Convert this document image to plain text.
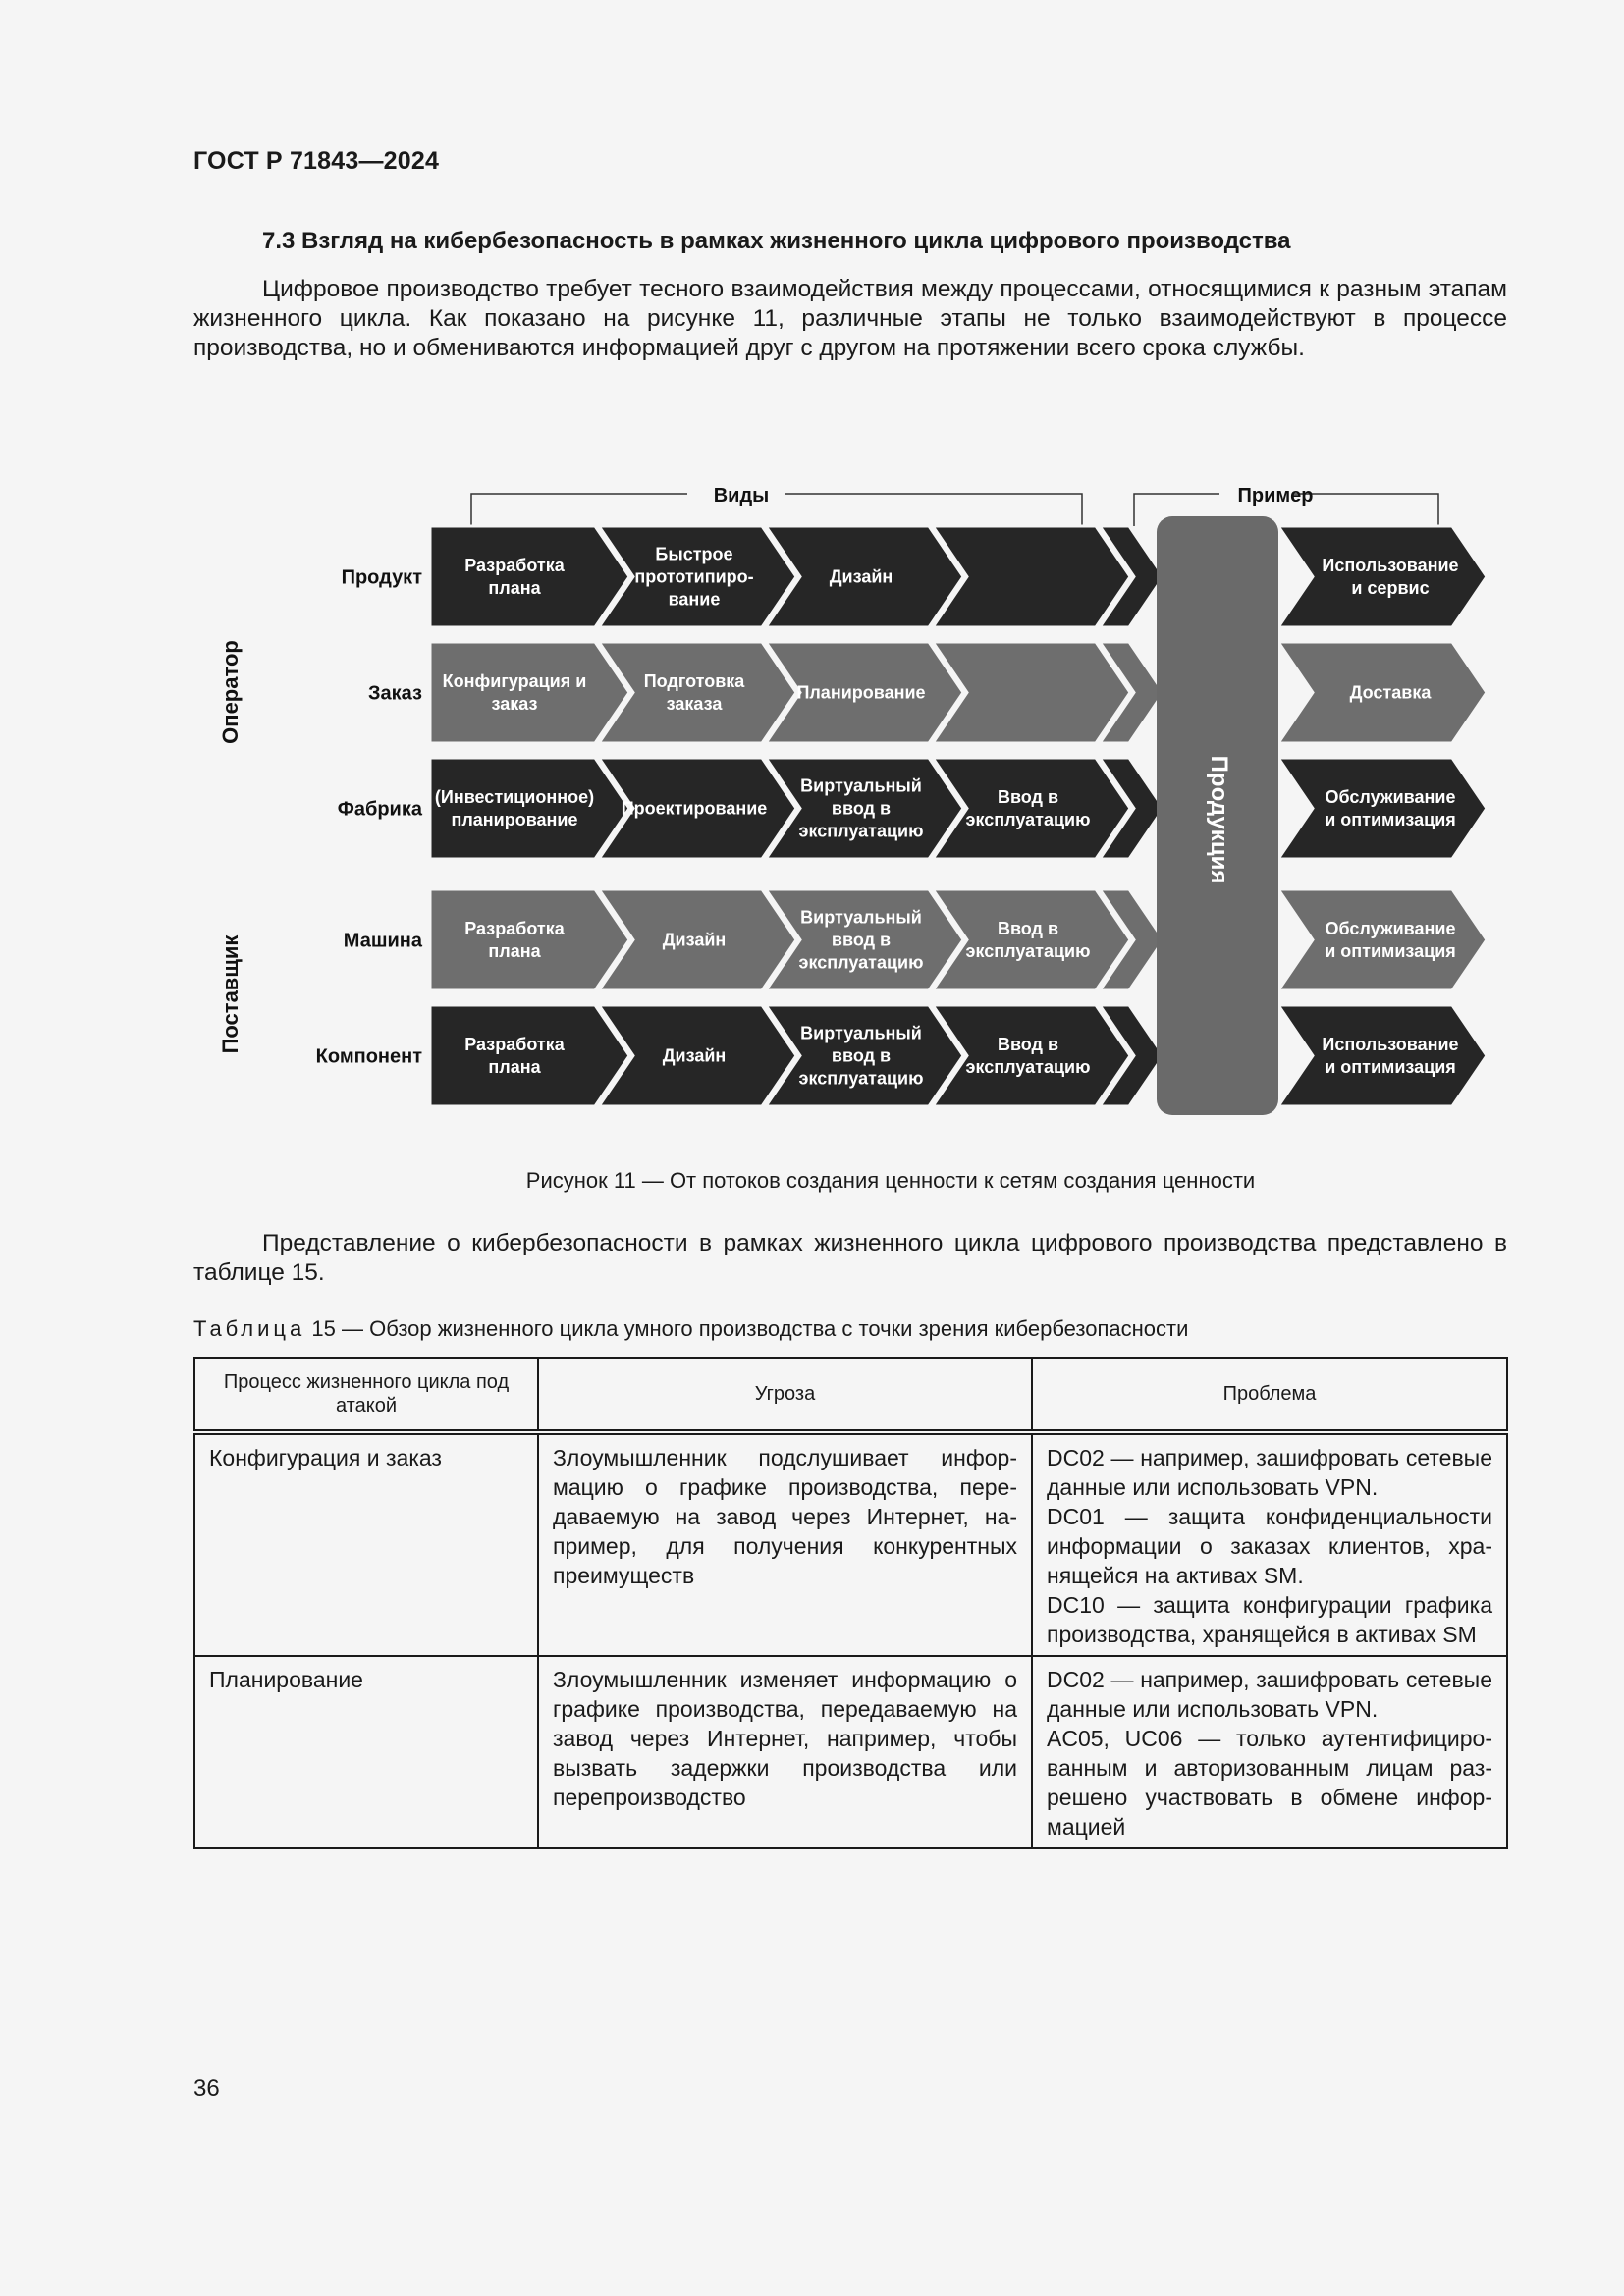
ГОСТ Р 71843—2024
7.3 Взгляд на кибербезопасность в рамках жизненного цикла цифрового производства
Цифровое производство требует тесного взаимодействия между процессами, относящимися к разным этапам жизненного цикла. Как показано на рисунке 11, различные этапы не только взаимодействуют в процессе производства, но и обмениваются информацией друг с другом на протяжении всего срока службы.
Виды	Пример
Оператор
Поставщик
Продукт
Разработка плана
Быстрое прототипиро-вание
Дизайн
Использование и сервис
Заказ
Конфигурация и заказ
Подготовка заказа
Планирование	Доставка
Фабрика
(Инвестиционное) планирование
Проектирование
Виртуальный ввод в эксплуатацию
Ввод в эксплуатацию
Обслуживание и оптимизация
Машина
Разработка плана
Дизайн
Виртуальный ввод в эксплуатацию
Ввод в эксплуатацию
Обслуживание и оптимизация
Компонент
Разработка плана
Дизайн
Виртуальный ввод в эксплуатацию
Ввод в эксплуатацию
Использование и оптимизация
Продукция
Рисунок 11 — От потоков создания ценности к сетям создания ценности
Представление о кибербезопасности в рамках жизненного цикла цифрового производства представлено в таблице 15.
Таблица 15 — Обзор жизненного цикла умного производства с точки зрения кибербезопасности
Процесс жизненного цикла под атакой	Угроза	Проблема
Конфигурация и заказ	Злоумышленник подслушивает информацию о графике производства, передаваемую на завод через Интернет, например, для получения конкурентных преимуществ	DC02 — например, зашифровать сетевые данные или использовать VPN.
DC01 — защита конфиденциальности информации о заказах клиентов, хранящейся на активах SM.
DC10 — защита конфигурации графика производства, хранящейся в активах SM

Планирование	Злоумышленник изменяет информацию о графике производства, передаваемую на завод через Интернет, например, чтобы вызвать задержки производства или перепроизводство	DC02 — например, зашифровать сетевые данные или использовать VPN.
AC05, UC06 — только аутентифицированным и авторизованным лицам разрешено участвовать в обмене информацией
36
